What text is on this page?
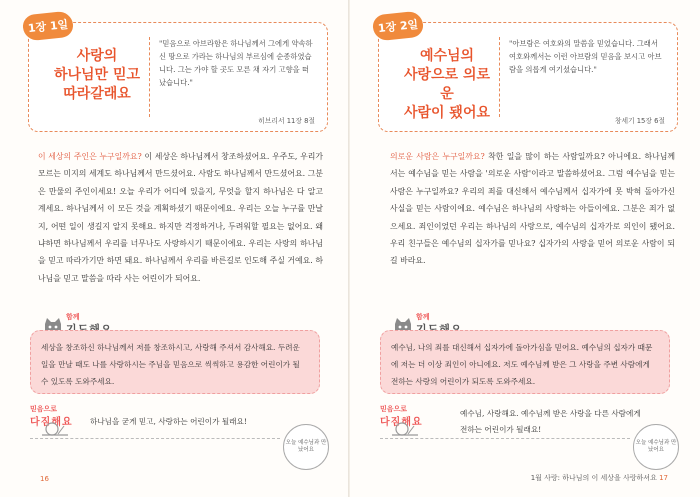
1장 1일
사랑의
하나님만 믿고
따라갈래요
"믿음으로 아브라함은 하나님께서 그에게 약속하신 땅으로 가라는 하나님의 부르심에 순종하였습니다. 그는 가야 할 곳도 모른 채 자기 고향을 떠났습니다."
히브리서 11장 8절
이 세상의 주인은 누구일까요? 이 세상은 하나님께서 창조하셨어요. 우주도, 우리가 모르는 미지의 세계도 하나님께서 만드셨어요. 사람도 하나님께서 만드셨어요. 그분은 만물의 주인이세요! 오늘 우리가 어디에 있을지, 무엇을 할지 하나님은 다 알고 계세요. 하나님께서 이 모든 것을 계획하셨기 때문이에요. 우리는 오늘 누구를 만날지, 어떤 일이 생길지 알지 못해요. 하지만 걱정하거나, 두려워할 필요는 없어요. 왜냐하면 하나님께서 우리를 너무나도 사랑하시기 때문이에요. 우리는 사랑의 하나님을 믿고 따라가기만 하면 돼요. 하나님께서 우리를 바른길로 인도해 주실 거예요. 하나님을 믿고 말씀을 따라 사는 어린이가 되어요.
함께
세상을 창조하신 하나님께서 저를 창조하시고, 사랑해 주셔서 감사해요. 두려운 일을 만날 때도 나를 사랑하시는 주님을 믿음으로 씩씩하고 용감한 어린이가 될 수 있도록 도와주세요.
믿음으로
다짐해요 하나님을 굳게 믿고, 사랑하는 어린이가 될래요!
오늘 예수님과 만났어요
16
1장 2일
예수님의
사랑으로 의로운
사람이 됐어요
"아브람은 여호와의 말씀을 믿었습니다. 그래서 여호와께서는 이런 아브람의 믿음을 보시고 아브람을 의롭게 여기셨습니다."
창세기 15장 6절
의로운 사람은 누구일까요? 착한 일을 많이 하는 사람일까요? 아니에요. 하나님께서는 예수님을 믿는 사람을 '의로운 사람'이라고 말씀하셨어요. 그럼 예수님을 믿는 사람은 누구일까요? 우리의 죄를 대신해서 예수님께서 십자가에 못 박혀 돌아가신 사실을 믿는 사람이에요. 예수님은 하나님의 사랑하는 아들이에요. 그분은 죄가 없으세요. 죄인이었던 우리는 하나님의 사랑으로, 예수님의 십자가로 의인이 됐어요. 우리 친구들은 예수님의 십자가를 믿나요? 십자가의 사랑을 믿어 의로운 사람이 되길 바라요.
함께
예수님, 나의 죄를 대신해서 십자가에 돌아가심을 믿어요. 예수님의 십자가 때문에 저는 더 이상 죄인이 아니에요. 저도 예수님께 받은 그 사랑을 주변 사람에게 전하는 사랑의 어린이가 되도록 도와주세요.
믿음으로
다짐해요
예수님, 사랑해요. 예수님께 받은 사랑을 다른 사람에게 전하는 어린이가 될래요!
오늘 예수님과 만났어요
1월 사랑: 하나님의 이 세상을 사랑하셔요 17
